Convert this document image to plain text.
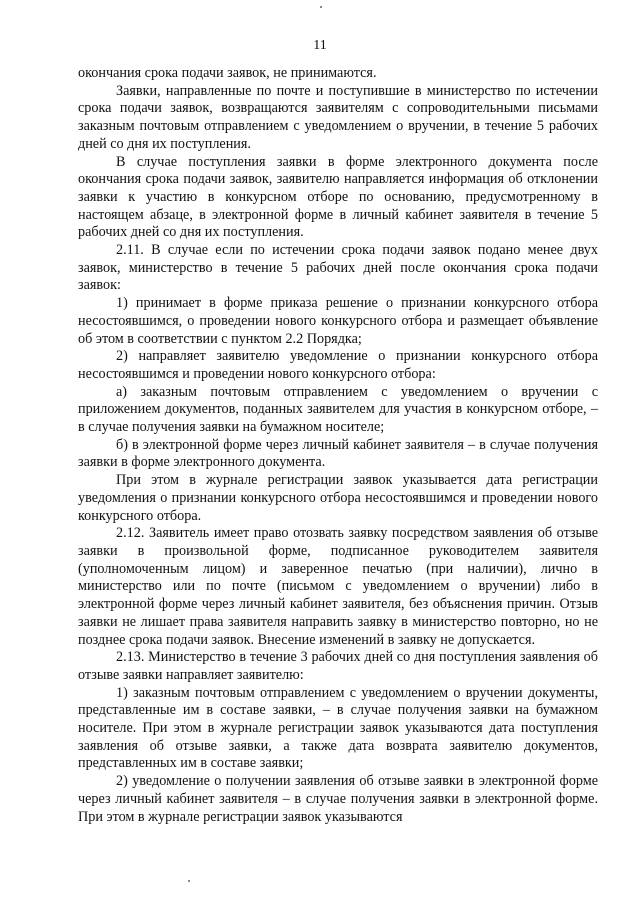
11

окончания срока подачи заявок, не принимаются.

Заявки, направленные по почте и поступившие в министерство по истечении срока подачи заявок, возвращаются заявителям с сопроводительными письмами заказным почтовым отправлением с уведомлением о вручении, в течение 5 рабочих дней со дня их поступления.

В случае поступления заявки в форме электронного документа после окончания срока подачи заявок, заявителю направляется информация об отклонении заявки к участию в конкурсном отборе по основанию, предусмотренному в настоящем абзаце, в электронной форме в личный кабинет заявителя в течение 5 рабочих дней со дня их поступления.

2.11. В случае если по истечении срока подачи заявок подано менее двух заявок, министерство в течение 5 рабочих дней после окончания срока подачи заявок:

1) принимает в форме приказа решение о признании конкурсного отбора несостоявшимся, о проведении нового конкурсного отбора и размещает объявление об этом в соответствии с пунктом 2.2 Порядка;

2) направляет заявителю уведомление о признании конкурсного отбора несостоявшимся и проведении нового конкурсного отбора:

а) заказным почтовым отправлением с уведомлением о вручении с приложением документов, поданных заявителем для участия в конкурсном отборе, – в случае получения заявки на бумажном носителе;

б) в электронной форме через личный кабинет заявителя – в случае получения заявки в форме электронного документа.

При этом в журнале регистрации заявок указывается дата регистрации уведомления о признании конкурсного отбора несостоявшимся и проведении нового конкурсного отбора.

2.12. Заявитель имеет право отозвать заявку посредством заявления об отзыве заявки в произвольной форме, подписанное руководителем заявителя (уполномоченным лицом) и заверенное печатью (при наличии), лично в министерство или по почте (письмом с уведомлением о вручении) либо в электронной форме через личный кабинет заявителя, без объяснения причин. Отзыв заявки не лишает права заявителя направить заявку в министерство повторно, но не позднее срока подачи заявок. Внесение изменений в заявку не допускается.

2.13. Министерство в течение 3 рабочих дней со дня поступления заявления об отзыве заявки направляет заявителю:

1) заказным почтовым отправлением с уведомлением о вручении документы, представленные им в составе заявки, – в случае получения заявки на бумажном носителе. При этом в журнале регистрации заявок указываются дата поступления заявления об отзыве заявки, а также дата возврата заявителю документов, представленных им в составе заявки;

2) уведомление о получении заявления об отзыве заявки в электронной форме через личный кабинет заявителя – в случае получения заявки в электронной форме. При этом в журнале регистрации заявок указываются
